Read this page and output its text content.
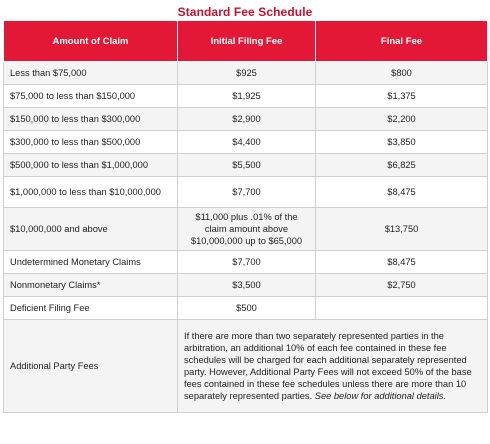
Standard Fee Schedule
Amount of Claim	Initial Filing Fee	Final Fee
Less than $75,000	$925	$800
$75,000 to less than $150,000	$1,925	$1,375
$150,000 to less than $300,000	$2,900	$2,200
$300,000 to less than $500,000	$4,400	$3,850
$500,000 to less than $1,000,000	$5,500	$6,825
$1,000,000 to less than $10,000,000	$7,700	$8,475
$10,000,000 and above	$11,000 plus .01% of the claim amount above $10,000,000 up to $65,000	$13,750
Undetermined Monetary Claims	$7,700	$8,475
Nonmonetary Claims*	$3,500	$2,750
Deficient Filing Fee	$500	
Additional Party Fees	If there are more than two separately represented parties in the arbitration, an additional 10% of each fee contained in these fee schedules will be charged for each additional separately represented party. However, Additional Party Fees will not exceed 50% of the base fees contained in these fee schedules unless there are more than 10 separately represented parties. See below for additional details.	
